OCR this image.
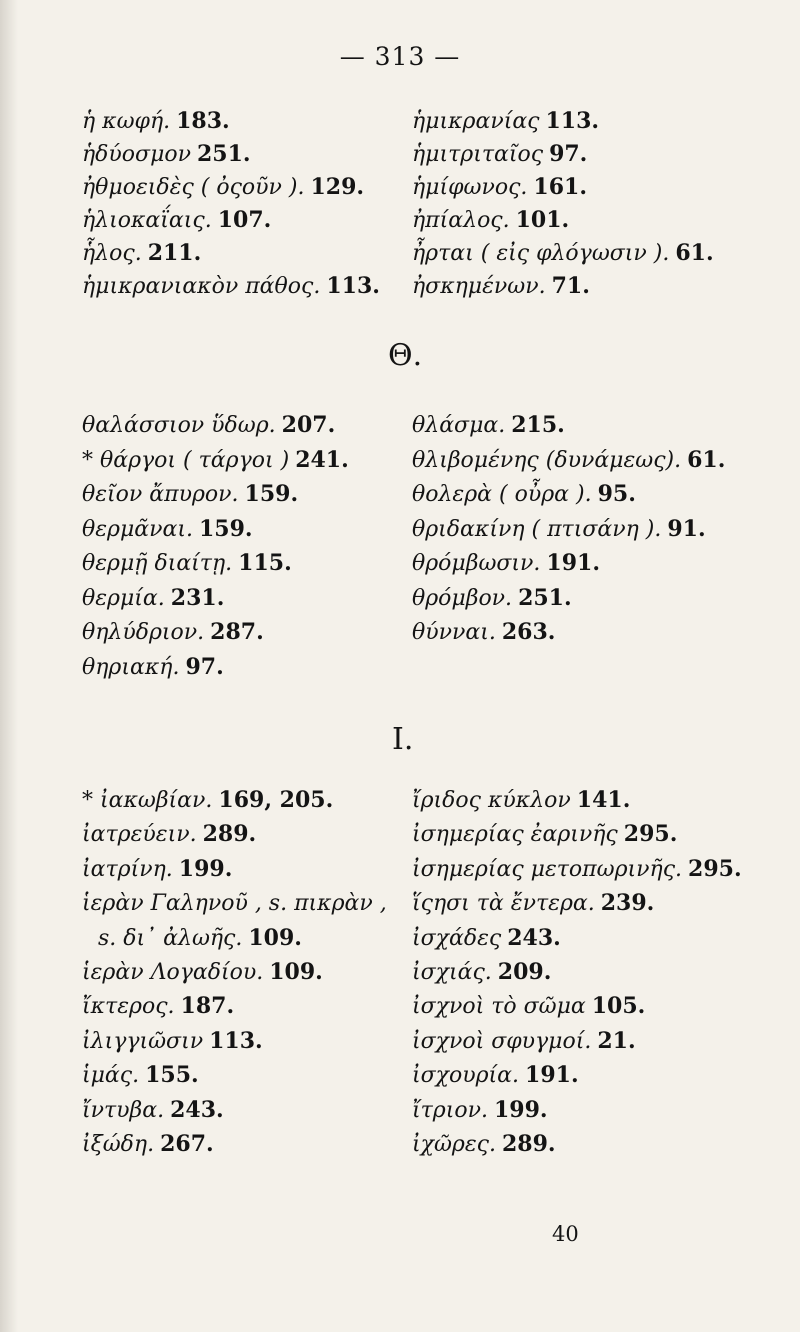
— 313 —
ἡ κωφή. 183.
ἡδύοσμον 251.
ἠθμοειδὲς ( ὀςοῦν ). 129.
ἡλιοκαΐαις. 107.
ἧλος. 211.
ἡμικρανιακὸν πάθος. 113.
ἡμικρανίας 113.
ἡμιτριταῖος 97.
ἡμίφωνος. 161.
ἠπίαλος. 101.
ἦρται ( εἰς φλόγωσιν ). 61.
ἠσκημένων. 71.
Θ.
θαλάσσιον ὕδωρ. 207.
* θάργοι ( τάργοι ) 241.
θεῖον ἄπυρον. 159.
θερμᾶναι. 159.
θερμῇ διαίτῃ. 115.
θερμία. 231.
θηλύδριον. 287.
θηριακή. 97.
θλάσμα. 215.
θλιβομένης (δυνάμεως). 61.
θολερὰ ( οὖρα ). 95.
θριδακίνη ( πτισάνη ). 91.
θρόμβωσιν. 191.
θρόμβον. 251.
θύνναι. 263.
Ι.
* ἰακωβίαν. 169, 205.
ἰατρεύειν. 289.
ἰατρίνη. 199.
ἱερὰν Γαληνοῦ , s. πικρὰν ,
s. δι᾽ ἀλωῆς. 109.
ἱερὰν Λογαδίου. 109.
ἴκτερος. 187.
ἰλιγγιῶσιν 113.
ἱμάς. 155.
ἴντυβα. 243.
ἰξώδη. 267.
ἴριδος κύκλον 141.
ἰσημερίας ἐαρινῆς 295.
ἰσημερίας μετοπωρινῆς. 295.
ἵςησι τὰ ἔντερα. 239.
ἰσχάδες 243.
ἰσχιάς. 209.
ἰσχνοὶ τὸ σῶμα 105.
ἰσχνοὶ σφυγμοί. 21.
ἰσχουρία. 191.
ἴτριον. 199.
ἰχῶρες. 289.
40
